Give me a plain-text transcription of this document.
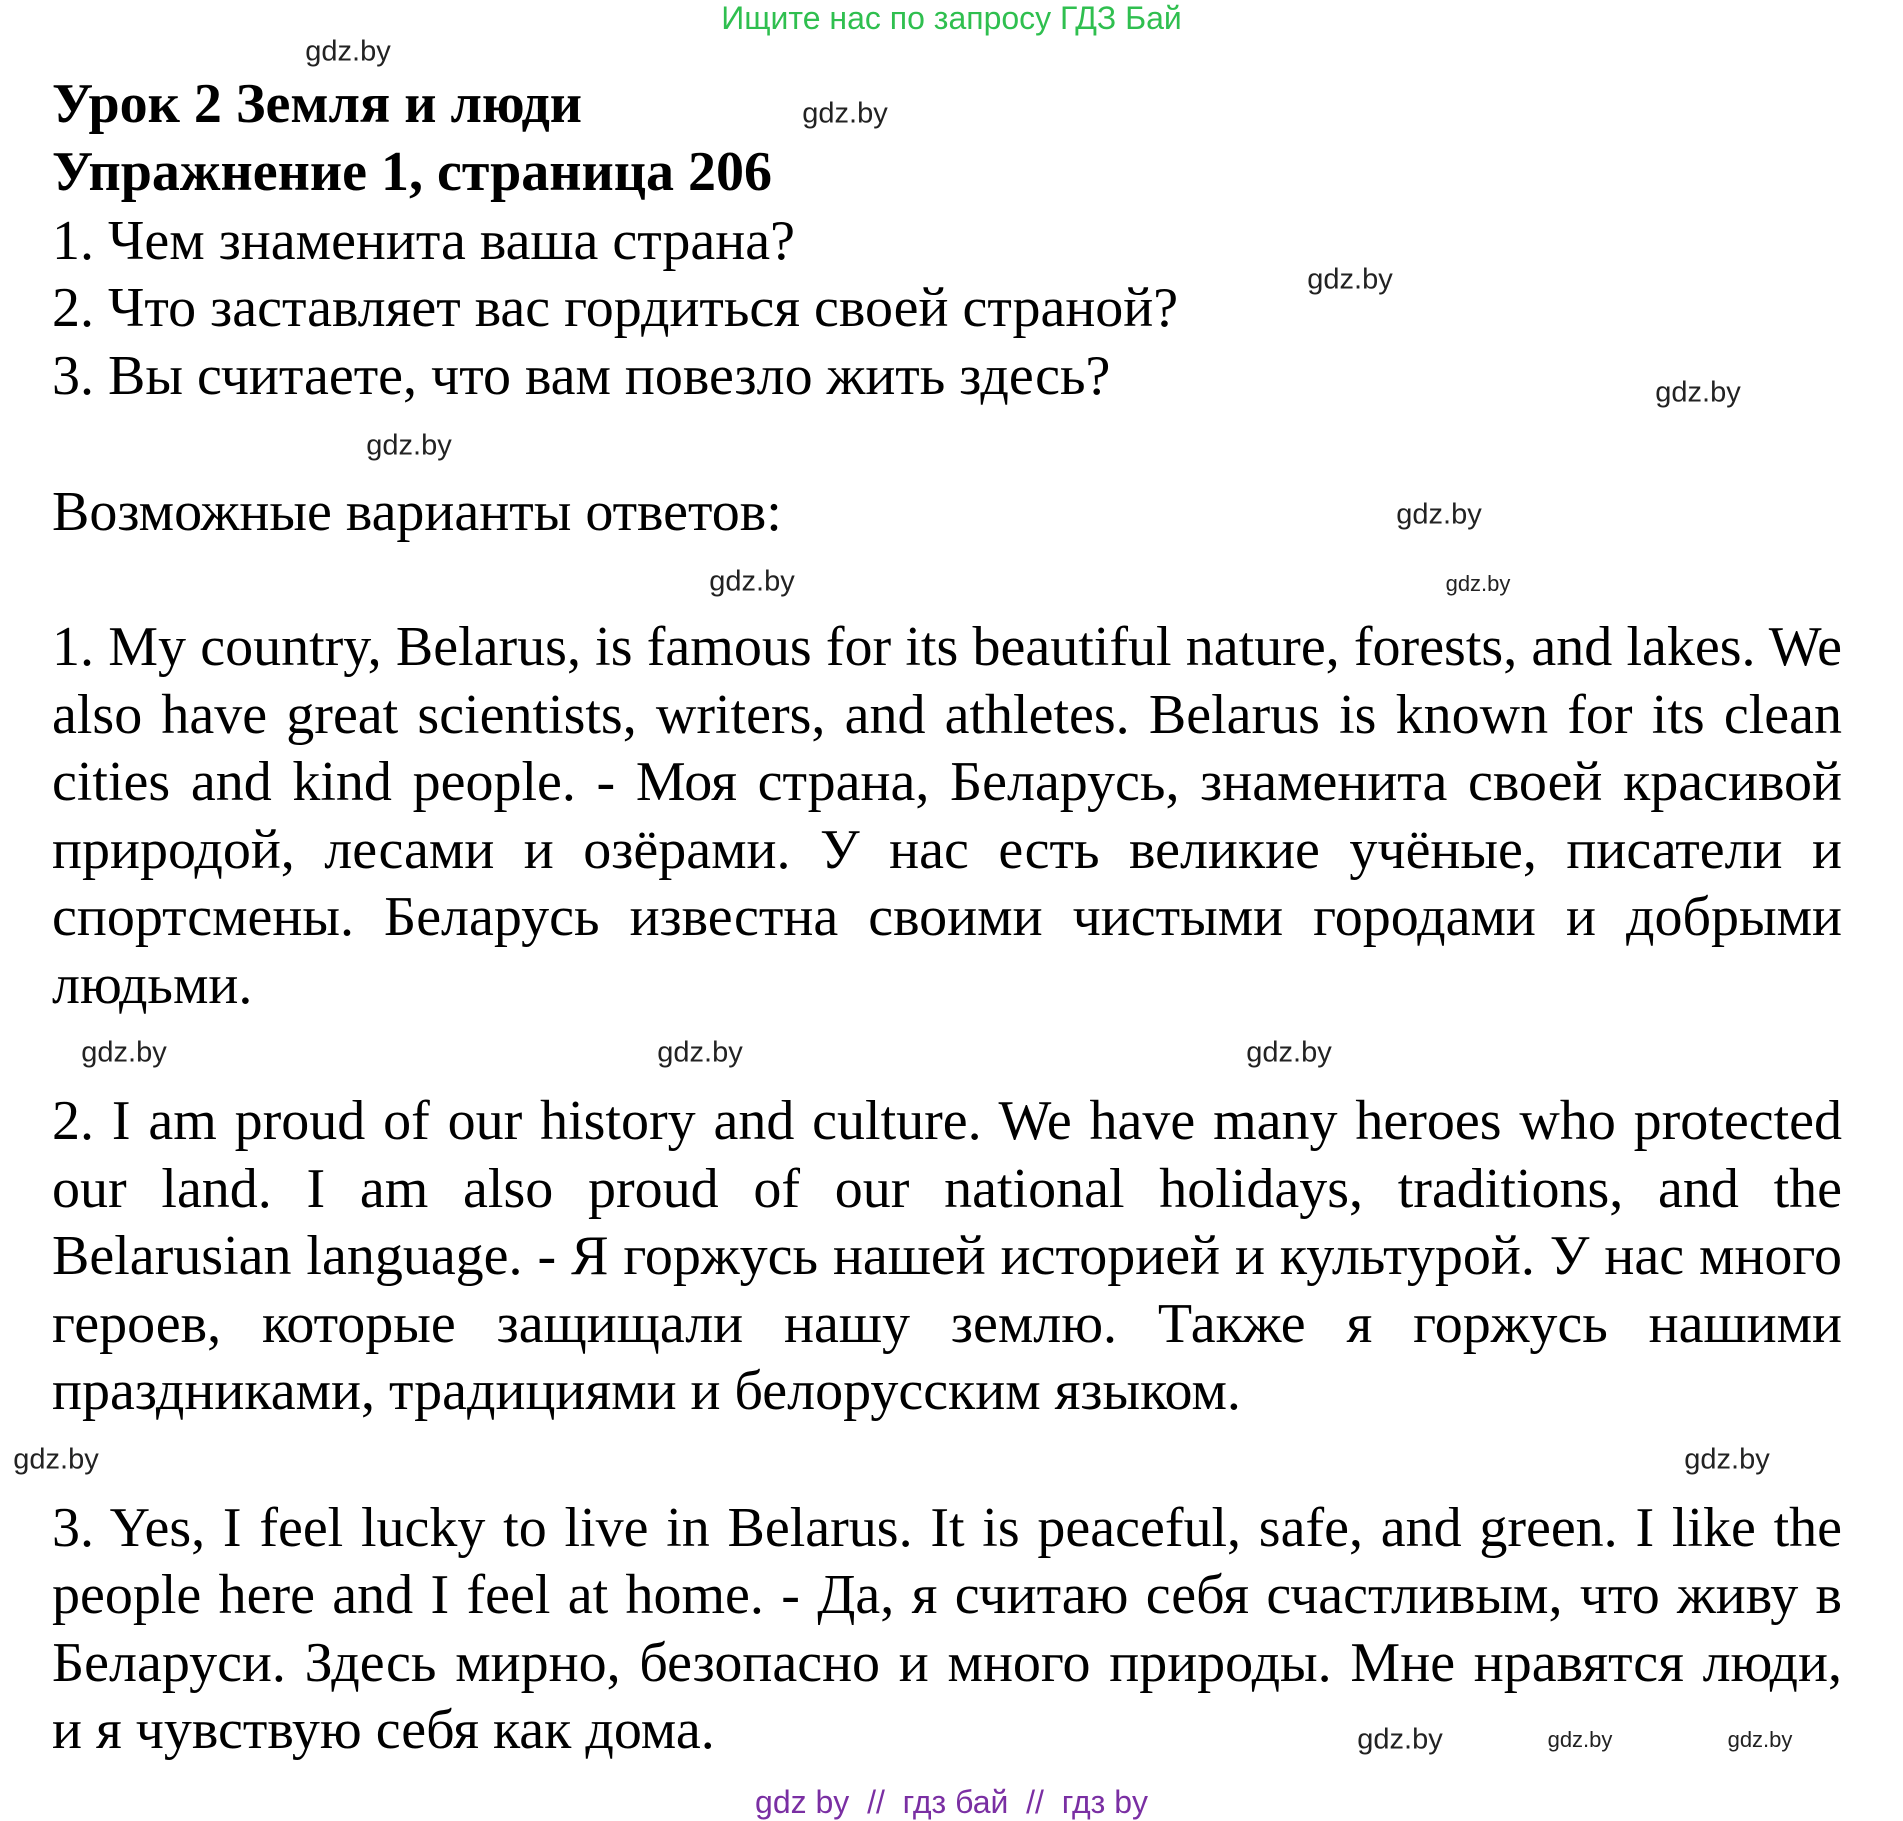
Ищите нас по запросу ГДЗ Бай
Урок 2 Земля и люди
Упражнение 1, страница 206
1. Чем знаменита ваша страна?
2. Что заставляет вас гордиться своей страной?
3. Вы считаете, что вам повезло жить здесь?
Возможные варианты ответов:

1. My country, Belarus, is famous for its beautiful nature, forests, and lakes. We also have great scientists, writers, and athletes. Belarus is known for its clean cities and kind people. - Моя страна, Беларусь, знаменита своей красивой природой, лесами и озёрами. У нас есть великие учёные, писатели и спортсмены. Беларусь известна своими чистыми городами и добрыми людьми.

2. I am proud of our history and culture. We have many heroes who protected our land. I am also proud of our national holidays, traditions, and the Belarusian language. - Я горжусь нашей историей и культурой. У нас много героев, которые защищали нашу землю. Также я горжусь нашими праздниками, традициями и белорусским языком.

3. Yes, I feel lucky to live in Belarus. It is peaceful, safe, and green. I like the people here and I feel at home. - Да, я считаю себя счастливым, что живу в Беларуси. Здесь мирно, безопасно и много природы. Мне нравятся люди, и я чувствую себя как дома.

gdz.by
gdz.by
gdz.by
gdz.by
gdz.by
gdz.by
gdz.by	gdz.by
gdz.by
gdz.by
gdz.by
gdz.by
gdz.by
gdz.by	gdz.by
gdz.by
gdz by  //  гдз бай  //  гдз by
